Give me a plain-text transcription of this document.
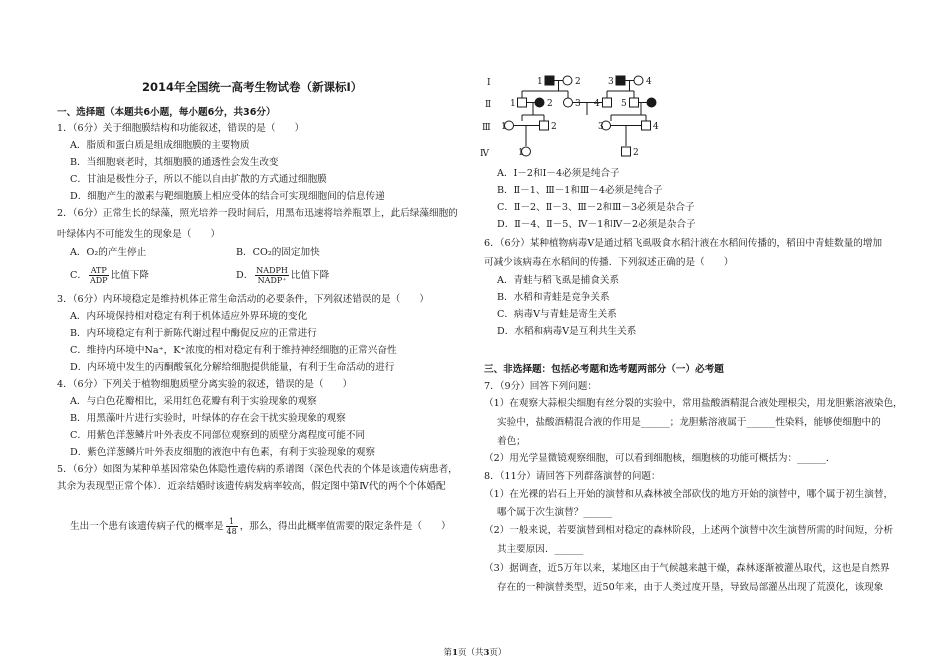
2014年全国统一高考生物试卷（新课标Ⅰ）
一、选择题（本题共6小题，每小题6分，共36分）
1．（6分）关于细胞膜结构和功能叙述，错误的是（　　）
A．脂质和蛋白质是组成细胞膜的主要物质
B．当细胞衰老时，其细胞膜的通透性会发生改变
C．甘油是极性分子，所以不能以自由扩散的方式通过细胞膜
D．细胞产生的激素与靶细胞膜上相应受体的结合可实现细胞间的信息传递
2．（6分）正常生长的绿藻，照光培养一段时间后，用黑布迅速将培养瓶罩上，此后绿藻细胞的
叶绿体内不可能发生的现象是（　　）
A．O₂的产生停止	B．CO₂的固定加快
C． $\frac{\text{ATP}}{\text{ADP}}$ 比值下降	D． $\frac{\text{NADPH}}{\text{NADP⁺}}$ 比值下降
3．（6分）内环境稳定是维持机体正常生命活动的必要条件，下列叙述错误的是（　　）
A．内环境保持相对稳定有利于机体适应外界环境的变化
B．内环境稳定有利于新陈代谢过程中酶促反应的正常进行
C．维持内环境中Na⁺，K⁺浓度的相对稳定有利于维持神经细胞的正常兴奋性
D．内环境中发生的丙酮酸氧化分解给细胞提供能量，有利于生命活动的进行
4．（6分）下列关于植物细胞质壁分离实验的叙述，错误的是（　　）
A．与白色花瓣相比，采用红色花瓣有利于实验现象的观察
B．用黑藻叶片进行实验时，叶绿体的存在会干扰实验现象的观察
C．用紫色洋葱鳞片叶外表皮不同部位观察到的质壁分离程度可能不同
D．紫色洋葱鳞片叶外表皮细胞的液泡中有色素，有利于实验现象的观察
5．（6分）如图为某种单基因常染色体隐性遗传病的系谱图（深色代表的个体是该遗传病患者，
其余为表现型正常个体）．近亲结婚时该遗传病发病率较高，假定图中第Ⅳ代的两个个体婚配
生出一个患有该遗传病子代的概率是 $\frac{1}{48}$ ，那么，得出此概率值需要的限定条件是（　　）
Ⅰ
Ⅱ
Ⅲ
Ⅳ
1	2	3	4
1	2 3 4 5
1	2	3	4
1	2
A．Ⅰ－2和Ⅰ－4必须是纯合子
B．Ⅱ－1、Ⅲ－1和Ⅲ－4必须是纯合子
C．Ⅱ－2、Ⅱ－3、Ⅲ－2和Ⅲ－3必须是杂合子
D．Ⅱ－4、Ⅱ－5、Ⅳ－1和Ⅳ－2必须是杂合子
6．（6分）某种植物病毒V是通过稻飞虱吸食水稻汁液在水稻间传播的，稻田中青蛙数量的增加
可减少该病毒在水稻间的传播．下列叙述正确的是（　　）
A．青蛙与稻飞虱是捕食关系
B．水稻和青蛙是竞争关系
C．病毒V与青蛙是寄生关系
D．水稻和病毒V是互利共生关系
三、非选择题：包括必考题和选考题两部分（一）必考题
7．（9分）回答下列问题：
（1）在观察大蒜根尖细胞有丝分裂的实验中，常用盐酸酒精混合液处理根尖，用龙胆紫溶液染色，
实验中，盐酸酒精混合液的作用是______；龙胆紫溶液属于______性染料，能够使细胞中的
着色；
（2）用光学显微镜观察细胞，可以看到细胞核，细胞核的功能可概括为：______．
8．（11分）请回答下列群落演替的问题：
（1）在光裸的岩石上开始的演替和从森林被全部砍伐的地方开始的演替中，哪个属于初生演替，
哪个属于次生演替？______
（2）一般来说，若要演替到相对稳定的森林阶段，上述两个演替中次生演替所需的时间短，分析
其主要原因．______
（3）据调查，近5万年以来，某地区由于气候越来越干燥，森林逐渐被灌丛取代，这也是自然界
存在的一种演替类型，近50年来，由于人类过度开垦，导致局部灌丛出现了荒漠化，该现象
第1页（共3页）
